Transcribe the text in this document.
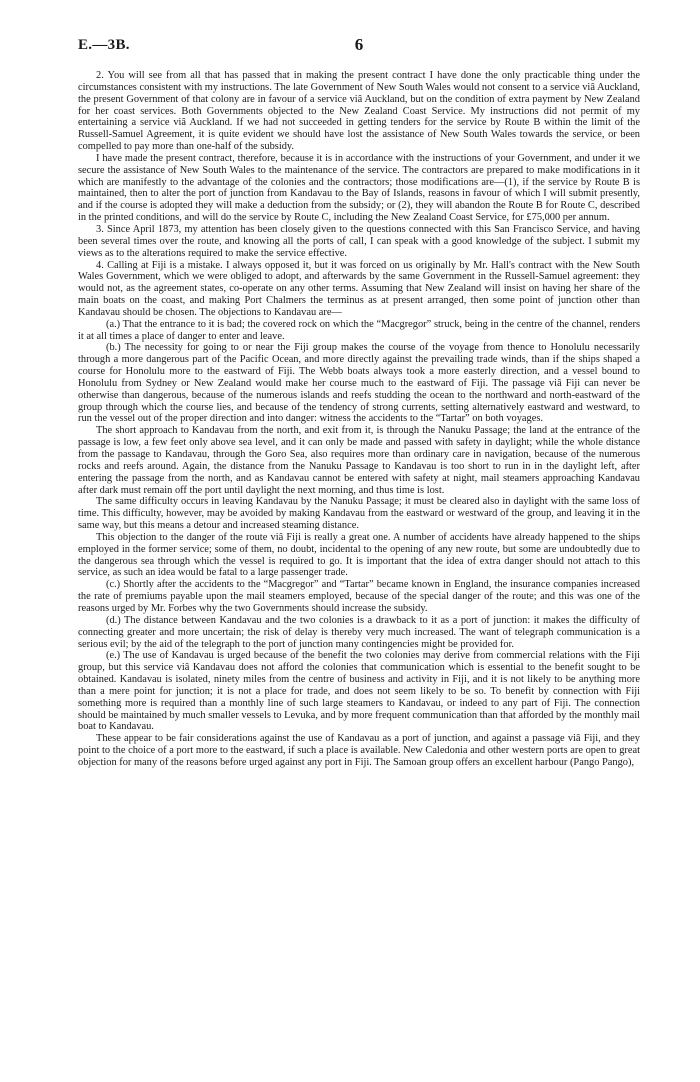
E.—3B.	6

2. You will see from all that has passed that in making the present contract I have done the only practicable thing under the circumstances consistent with my instructions. The late Government of New South Wales would not consent to a service viâ Auckland, the present Government of that colony are in favour of a service viâ Auckland, but on the condition of extra payment by New Zealand for her coast services. Both Governments objected to the New Zealand Coast Service. My instructions did not permit of my entertaining a service viâ Auckland. If we had not succeeded in getting tenders for the service by Route B within the limit of the Russell-Samuel Agreement, it is quite evident we should have lost the assistance of New South Wales towards the service, or been compelled to pay more than one-half of the subsidy.

I have made the present contract, therefore, because it is in accordance with the instructions of your Government, and under it we secure the assistance of New South Wales to the maintenance of the service. The contractors are prepared to make modifications in it which are manifestly to the advantage of the colonies and the contractors; those modifications are—(1), if the service by Route B is maintained, then to alter the port of junction from Kandavau to the Bay of Islands, reasons in favour of which I will submit presently, and if the course is adopted they will make a deduction from the subsidy; or (2), they will abandon the Route B for Route C, described in the printed conditions, and will do the service by Route C, including the New Zealand Coast Service, for £75,000 per annum.

3. Since April 1873, my attention has been closely given to the questions connected with this San Francisco Service, and having been several times over the route, and knowing all the ports of call, I can speak with a good knowledge of the subject. I submit my views as to the alterations required to make the service effective.

4. Calling at Fiji is a mistake. I always opposed it, but it was forced on us originally by Mr. Hall's contract with the New South Wales Government, which we were obliged to adopt, and afterwards by the same Government in the Russell-Samuel agreement: they would not, as the agreement states, co-operate on any other terms. Assuming that New Zealand will insist on having her share of the main boats on the coast, and making Port Chalmers the terminus as at present arranged, then some point of junction other than Kandavau should be chosen. The objections to Kandavau are—

(a.) That the entrance to it is bad; the covered rock on which the “Macgregor” struck, being in the centre of the channel, renders it at all times a place of danger to enter and leave.

(b.) The necessity for going to or near the Fiji group makes the course of the voyage from thence to Honolulu necessarily through a more dangerous part of the Pacific Ocean, and more directly against the prevailing trade winds, than if the ships shaped a course for Honolulu more to the eastward of Fiji. The Webb boats always took a more easterly direction, and a vessel bound to Honolulu from Sydney or New Zealand would make her course much to the eastward of Fiji. The passage viâ Fiji can never be otherwise than dangerous, because of the numerous islands and reefs studding the ocean to the northward and north-eastward of the group through which the course lies, and because of the tendency of strong currents, setting alternatively eastward and westward, to run the vessel out of the proper direction and into danger: witness the accidents to the “Tartar” on both voyages.

The short approach to Kandavau from the north, and exit from it, is through the Nanuku Passage; the land at the entrance of the passage is low, a few feet only above sea level, and it can only be made and passed with safety in daylight; while the whole distance from the passage to Kandavau, through the Goro Sea, also requires more than ordinary care in navigation, because of the numerous rocks and reefs around. Again, the distance from the Nanuku Passage to Kandavau is too short to run in in the daylight left, after entering the passage from the north, and as Kandavau cannot be entered with safety at night, mail steamers approaching Kandavau after dark must remain off the port until daylight the next morning, and thus time is lost.

The same difficulty occurs in leaving Kandavau by the Nanuku Passage; it must be cleared also in daylight with the same loss of time. This difficulty, however, may be avoided by making Kandavau from the eastward or westward of the group, and leaving it in the same way, but this means a detour and increased steaming distance.

This objection to the danger of the route viâ Fiji is really a great one. A number of accidents have already happened to the ships employed in the former service; some of them, no doubt, incidental to the opening of any new route, but some are undoubtedly due to the dangerous sea through which the vessel is required to go. It is important that the idea of extra danger should not attach to this service, as such an idea would be fatal to a large passenger trade.

(c.) Shortly after the accidents to the “Macgregor” and “Tartar” became known in England, the insurance companies increased the rate of premiums payable upon the mail steamers employed, because of the special danger of the route; and this was one of the reasons urged by Mr. Forbes why the two Governments should increase the subsidy.

(d.) The distance between Kandavau and the two colonies is a drawback to it as a port of junction: it makes the difficulty of connecting greater and more uncertain; the risk of delay is thereby very much increased. The want of telegraph communication is a serious evil; by the aid of the telegraph to the port of junction many contingencies might be provided for.

(e.) The use of Kandavau is urged because of the benefit the two colonies may derive from commercial relations with the Fiji group, but this service viâ Kandavau does not afford the colonies that communication which is essential to the benefit sought to be obtained. Kandavau is isolated, ninety miles from the centre of business and activity in Fiji, and it is not likely to be anything more than a mere point for junction; it is not a place for trade, and does not seem likely to be so. To benefit by connection with Fiji something more is required than a monthly line of such large steamers to Kandavau, or indeed to any part of Fiji. The connection should be maintained by much smaller vessels to Levuka, and by more frequent communication than that afforded by the monthly mail boat to Kandavau.

These appear to be fair considerations against the use of Kandavau as a port of junction, and against a passage viâ Fiji, and they point to the choice of a port more to the eastward, if such a place is available. New Caledonia and other western ports are open to great objection for many of the reasons before urged against any port in Fiji. The Samoan group offers an excellent harbour (Pango Pango),
